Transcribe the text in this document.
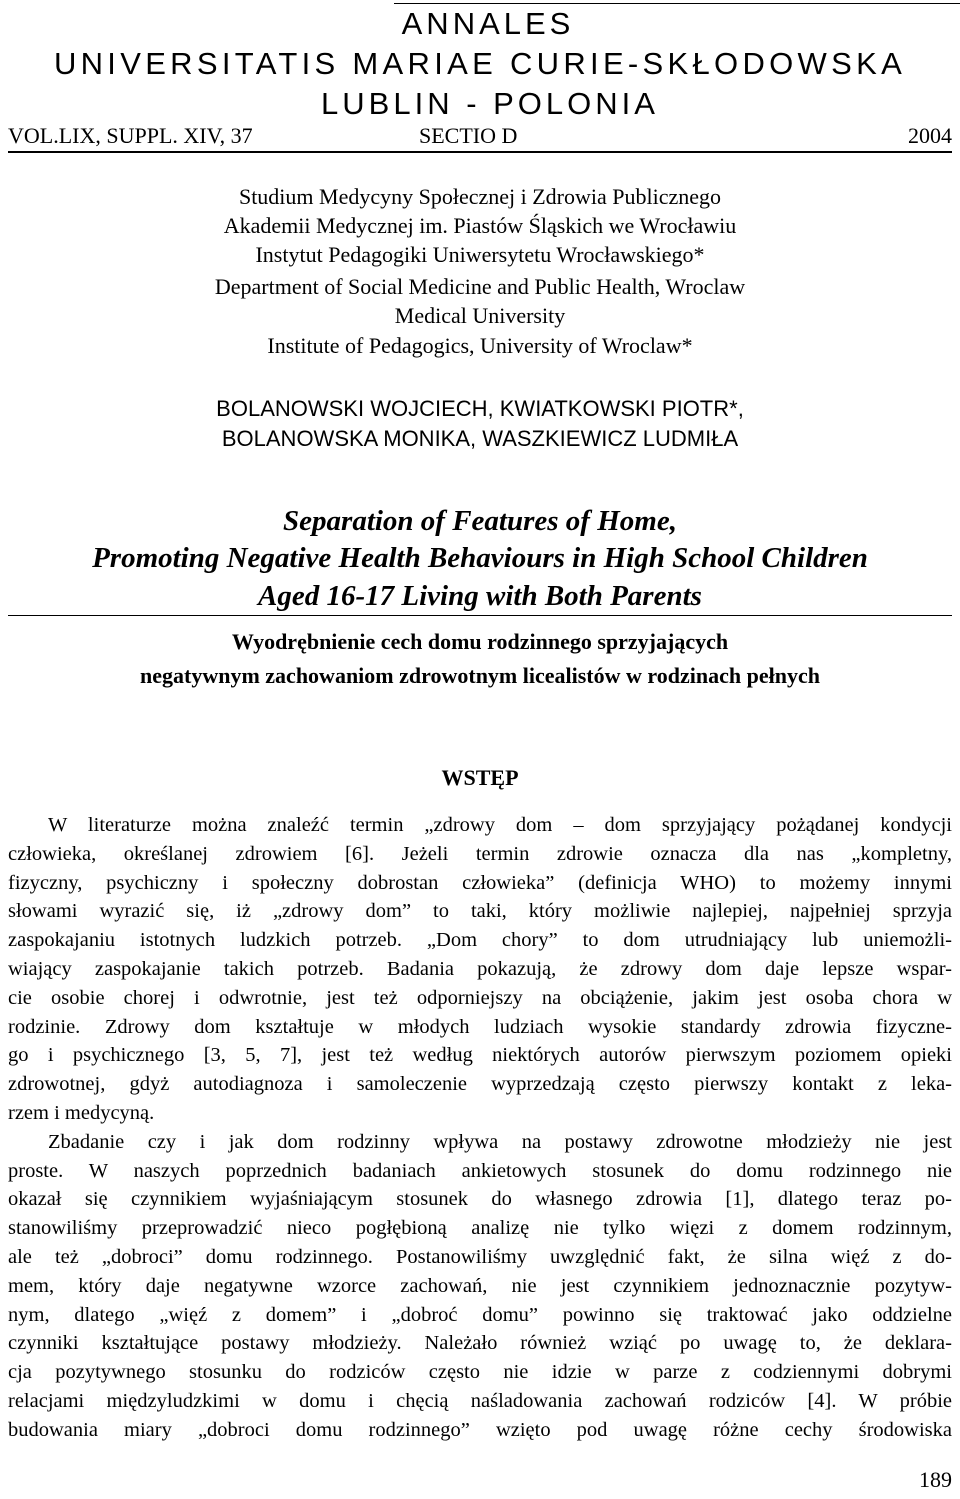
ANNALES
UNIVERSITATIS MARIAE CURIE-SKŁODOWSKA
LUBLIN - POLONIA
VOL.LIX, SUPPL. XIV, 37	SECTIO D	2004
Studium Medycyny Społecznej i Zdrowia Publicznego
Akademii Medycznej im. Piastów Śląskich we Wrocławiu
Instytut Pedagogiki Uniwersytetu Wrocławskiego*
Department of Social Medicine and Public Health, Wroclaw
Medical University
Institute of Pedagogics, University of Wroclaw*
BOLANOWSKI WOJCIECH, KWIATKOWSKI PIOTR*,
BOLANOWSKA MONIKA, WASZKIEWICZ LUDMIŁA
Separation of Features of Home,
Promoting Negative Health Behaviours in High School Children
Aged 16-17 Living with Both Parents
Wyodrębnienie cech domu rodzinnego sprzyjających
negatywnym zachowaniom zdrowotnym licealistów w rodzinach pełnych
WSTĘP

W literaturze można znaleźć termin „zdrowy dom – dom sprzyjający pożądanej kondycji

człowieka, określanej zdrowiem [6]. Jeżeli termin zdrowie oznacza dla nas „kompletny,

fizyczny, psychiczny i społeczny dobrostan człowieka” (definicja WHO) to możemy innymi

słowami wyrazić się, iż „zdrowy dom” to taki, który możliwie najlepiej, najpełniej sprzyja

zaspokajaniu istotnych ludzkich potrzeb. „Dom chory” to dom utrudniający lub uniemożli-

wiający zaspokajanie takich potrzeb. Badania pokazują, że zdrowy dom daje lepsze wspar-

cie osobie chorej i odwrotnie, jest też odporniejszy na obciążenie, jakim jest osoba chora w

rodzinie. Zdrowy dom kształtuje w młodych ludziach wysokie standardy zdrowia fizyczne-

go i psychicznego [3, 5, 7], jest też według niektórych autorów pierwszym poziomem opieki

zdrowotnej, gdyż autodiagnoza i samoleczenie wyprzedzają często pierwszy kontakt z leka-

rzem i medycyną.

Zbadanie czy i jak dom rodzinny wpływa na postawy zdrowotne młodzieży nie jest

proste. W naszych poprzednich badaniach ankietowych stosunek do domu rodzinnego nie

okazał się czynnikiem wyjaśniającym stosunek do własnego zdrowia [1], dlatego teraz po-

stanowiliśmy przeprowadzić nieco pogłębioną analizę nie tylko więzi z domem rodzinnym,

ale też „dobroci” domu rodzinnego. Postanowiliśmy uwzględnić fakt, że silna więź z do-

mem, który daje negatywne wzorce zachowań, nie jest czynnikiem jednoznacznie pozytyw-

nym, dlatego „więź z domem” i „dobroć domu” powinno się traktować jako oddzielne

czynniki kształtujące postawy młodzieży. Należało również wziąć po uwagę to, że deklara-

cja pozytywnego stosunku do rodziców często nie idzie w parze z codziennymi dobrymi

relacjami międzyludzkimi w domu i chęcią naśladowania zachowań rodziców [4]. W próbie

budowania miary „dobroci domu rodzinnego” wzięto pod uwagę różne cechy środowiska

189
